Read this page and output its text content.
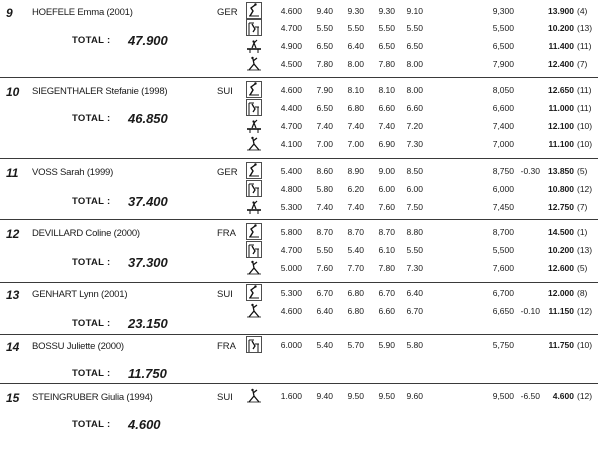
9 HOEFELE Emma (2001)	GER
TOTAL : 47.900
4.600	9.40	9.30	9.30	9.10	9,300	13.900 (4)
4.700	5.50	5.50	5.50	5.50	5,500	10.200 (13)
4.900	6.50	6.40	6.50	6.50	6,500	11.400 (11)
4.500	7.80	8.00	7.80	8.00	7,900	12.400 (7)
10 SIEGENTHALER Stefanie (1998)	SUI
TOTAL : 46.850
4.600	7.90	8.10	8.10	8.00	8,050	12.650 (11)
4.400	6.50	6.80	6.60	6.60	6,600	11.000 (11)
4.700	7.40	7.40	7.40	7.20	7,400	12.100 (10)
4.100	7.00	7.00	6.90	7.30	7,000	11.100 (10)
11 VOSS Sarah (1999)	GER
TOTAL : 37.400
5.400	8.60	8.90	9.00	8.50	8,750 -0.30 13.850 (5)
4.800	5.80	6.20	6.00	6.00	6,000	10.800 (12)
5.300	7.40	7.40	7.60	7.50	7,450	12.750 (7)
12 DEVILLARD Coline (2000)	FRA
TOTAL : 37.300
5.800	8.70	8.70	8.70	8.80	8,700	14.500 (1)
4.700	5.50	5.40	6.10	5.50	5,500	10.200 (13)
5.000	7.60	7.70	7.80	7.30	7,600	12.600 (5)
13 GENHART Lynn (2001)	SUI
TOTAL : 23.150
5.300	6.70	6.80	6.70	6.40	6,700	12.000 (8)
4.600	6.40	6.80	6.60	6.70	6,650 -0.10 11.150 (12)
14 BOSSU Juliette (2000)	FRA
TOTAL : 11.750
6.000	5.40	5.70	5.90	5.80	5,750	11.750 (10)
15 STEINGRUBER Giulia (1994)	SUI
TOTAL : 4.600
1.600	9.40	9.50	9.50	9.60	9,500 -6.50	4.600 (12)
